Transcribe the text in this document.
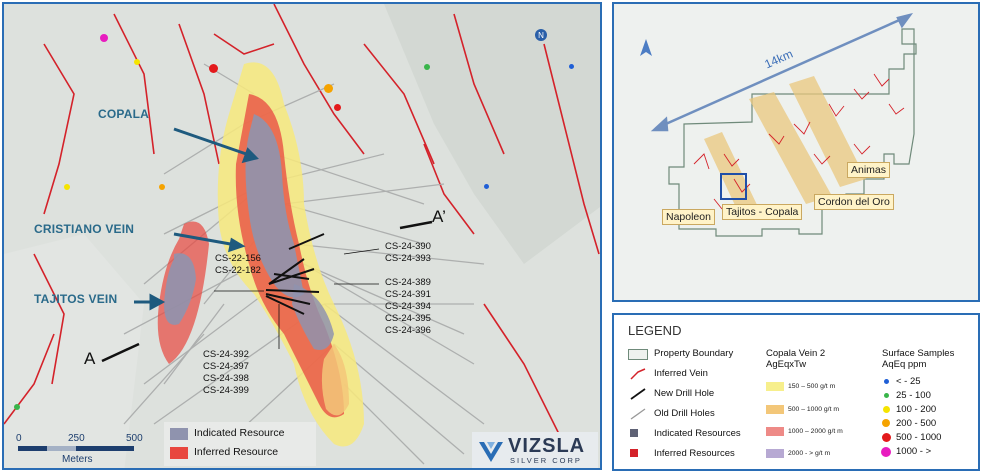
N
COPALA
CRISTIANO VEIN
TAJITOS VEIN
A
A’
CS-24-390
CS-24-393
CS-22-156
CS-22-182
CS-24-389
CS-24-391
CS-24-394
CS-24-395
CS-24-396
CS-24-392
CS-24-397
CS-24-398
CS-24-399
Indicated Resource
Inferred Resource
0	250	500
Meters
VIZSLA
SILVER CORP
14km
Napoleon	Tajitos - Copala
Cordon del Oro
Animas
LEGEND
Property Boundary
Inferred Vein
New Drill Hole
Old Drill Holes
Indicated Resources
Inferred Resources
Copala Vein 2
AgEqxTw
150 – 500 g/t m
500 – 1000 g/t m
1000 – 2000 g/t m
2000 - > g/t m
Surface Samples
AqEq ppm
< - 25
25 - 100
100 - 200
200 - 500
500 - 1000
1000 - >
